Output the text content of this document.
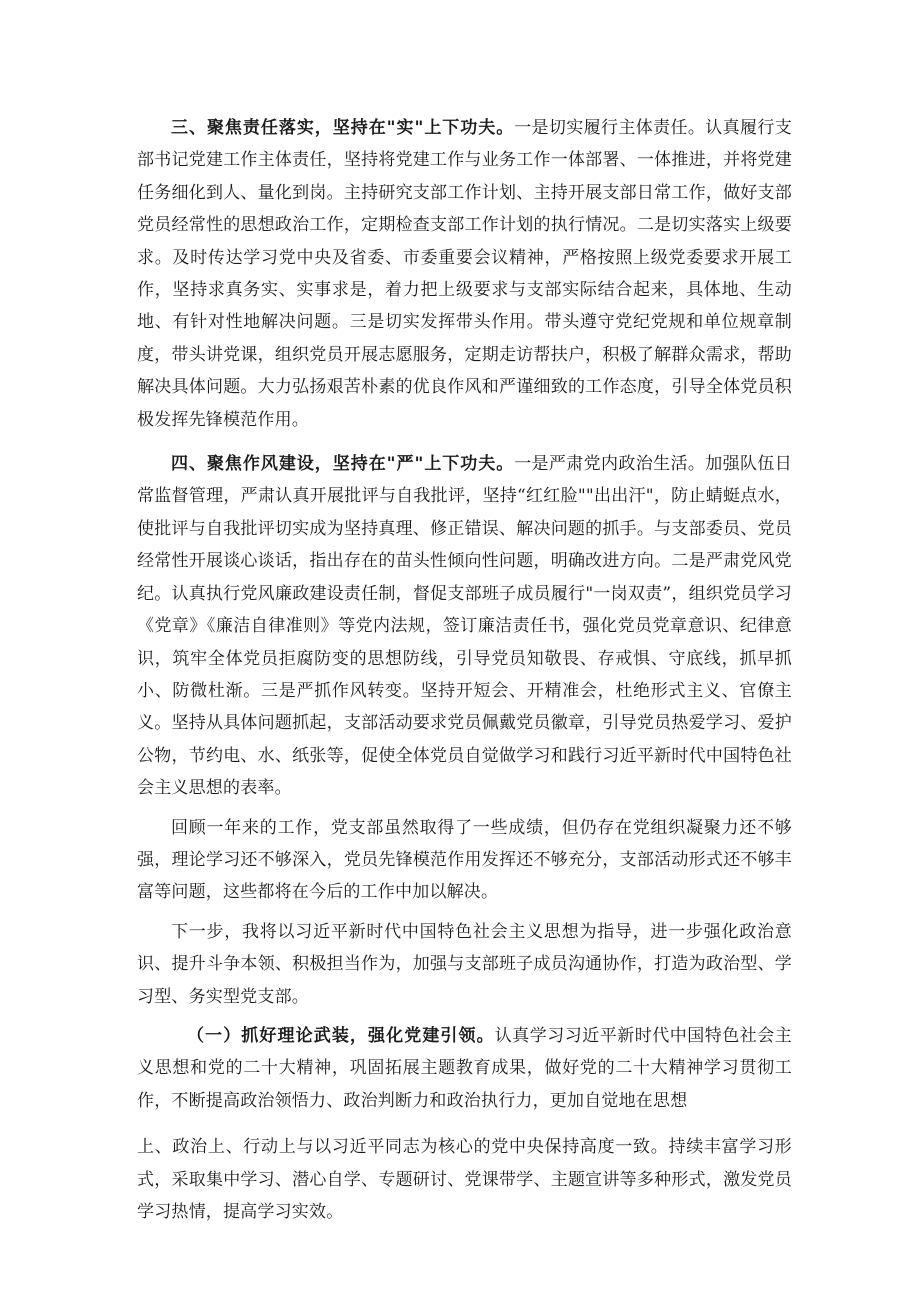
三、聚焦责任落实，坚持在"实"上下功夫。一是切实履行主体责任。认真履行支部书记党建工作主体责任，坚持将党建工作与业务工作一体部署、一体推进，并将党建任务细化到人、量化到岗。主持研究支部工作计划、主持开展支部日常工作，做好支部党员经常性的思想政治工作，定期检查支部工作计划的执行情况。二是切实落实上级要求。及时传达学习党中央及省委、市委重要会议精神，严格按照上级党委要求开展工作，坚持求真务实、实事求是，着力把上级要求与支部实际结合起来，具体地、生动地、有针对性地解决问题。三是切实发挥带头作用。带头遵守党纪党规和单位规章制度，带头讲党课，组织党员开展志愿服务，定期走访帮扶户，积极了解群众需求，帮助解决具体问题。大力弘扬艰苦朴素的优良作风和严谨细致的工作态度，引导全体党员积极发挥先锋模范作用。

四、聚焦作风建设，坚持在"严"上下功夫。一是严肃党内政治生活。加强队伍日常监督管理，严肃认真开展批评与自我批评，坚持“红红脸""出出汗"，防止蜻蜓点水，使批评与自我批评切实成为坚持真理、修正错误、解决问题的抓手。与支部委员、党员经常性开展谈心谈话，指出存在的苗头性倾向性问题，明确改进方向。二是严肃党风党纪。认真执行党风廉政建设责任制，督促支部班子成员履行"一岗双责”，组织党员学习《党章》《廉洁自律准则》等党内法规，签订廉洁责任书，强化党员党章意识、纪律意识，筑牢全体党员拒腐防变的思想防线，引导党员知敬畏、存戒惧、守底线，抓早抓小、防微杜渐。三是严抓作风转变。坚持开短会、开精准会，杜绝形式主义、官僚主义。坚持从具体问题抓起，支部活动要求党员佩戴党员徽章，引导党员热爱学习、爱护公物，节约电、水、纸张等，促使全体党员自觉做学习和践行习近平新时代中国特色社会主义思想的表率。

回顾一年来的工作，党支部虽然取得了一些成绩，但仍存在党组织凝聚力还不够强，理论学习还不够深入，党员先锋模范作用发挥还不够充分，支部活动形式还不够丰富等问题，这些都将在今后的工作中加以解决。

下一步，我将以习近平新时代中国特色社会主义思想为指导，进一步强化政治意识、提升斗争本领、积极担当作为，加强与支部班子成员沟通协作，打造为政治型、学习型、务实型党支部。

（一）抓好理论武装，强化党建引领。认真学习习近平新时代中国特色社会主义思想和党的二十大精神，巩固拓展主题教育成果，做好党的二十大精神学习贯彻工作，不断提高政治领悟力、政治判断力和政治执行力，更加自觉地在思想

上、政治上、行动上与以习近平同志为核心的党中央保持高度一致。持续丰富学习形式，采取集中学习、潜心自学、专题研讨、党课带学、主题宣讲等多种形式，激发党员学习热情，提高学习实效。
